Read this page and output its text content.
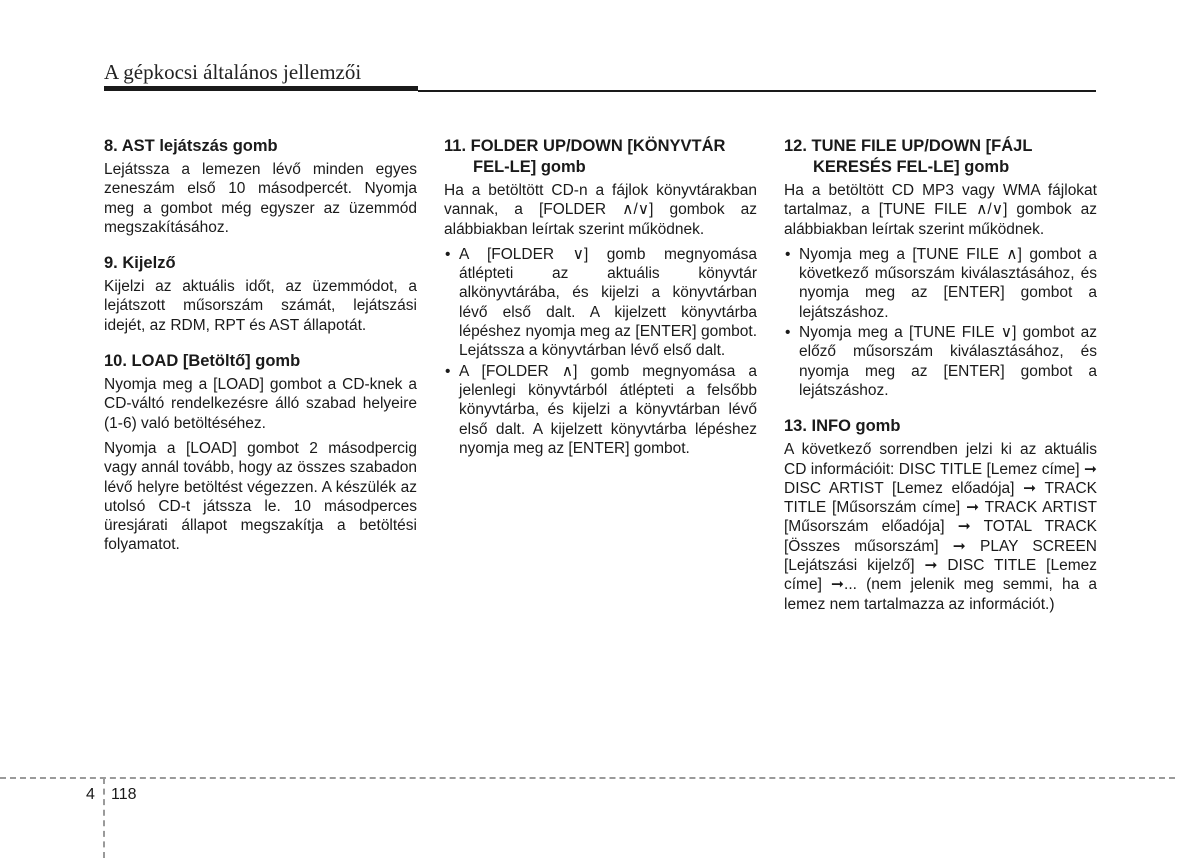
A gépkocsi általános jellemzői
8. AST lejátszás gomb

Lejátssza a lemezen lévő minden egyes zeneszám első 10 másodpercét. Nyomja meg a gombot még egyszer az üzemmód megszakításához.

9. Kijelző

Kijelzi az aktuális időt, az üzemmódot, a lejátszott műsorszám számát, lejátszási idejét, az RDM, RPT és AST állapotát.

10. LOAD [Betöltő] gomb

Nyomja meg a [LOAD] gombot a CD-knek a CD-váltó rendelkezésre álló szabad helyeire (1-6) való betöltéséhez.

Nyomja a [LOAD] gombot 2 másodpercig vagy annál tovább, hogy az összes szabadon lévő helyre betöltést végezzen. A készülék az utolsó CD-t játssza le. 10 másodperces üresjárati állapot megszakítja a betöltési folyamatot.

11. FOLDER UP/DOWN [KÖNYVTÁR FEL-LE] gomb

Ha a betöltött CD-n a fájlok könyvtárakban vannak, a [FOLDER ∧/∨] gombok az alábbiakban leírtak szerint működnek.

• A [FOLDER ∨] gomb megnyomása átlépteti az aktuális könyvtár alkönyvtárába, és kijelzi a könyvtárban lévő első dalt. A kijelzett könyvtárba lépéshez nyomja meg az [ENTER] gombot. Lejátssza a könyvtárban lévő első dalt.
• A [FOLDER ∧] gomb megnyomása a jelenlegi könyvtárból átlépteti a felsőbb könyvtárba, és kijelzi a könyvtárban lévő első dalt. A kijelzett könyvtárba lépéshez nyomja meg az [ENTER] gombot.
12. TUNE FILE UP/DOWN [FÁJL KERESÉS FEL-LE] gomb

Ha a betöltött CD MP3 vagy WMA fájlokat tartalmaz, a [TUNE FILE ∧/∨] gombok az alábbiakban leírtak szerint működnek.

• Nyomja meg a [TUNE FILE ∧] gombot a következő műsorszám kiválasztásához, és nyomja meg az [ENTER] gombot a lejátszáshoz.
• Nyomja meg a [TUNE FILE ∨] gombot az előző műsorszám kiválasztásához, és nyomja meg az [ENTER] gombot a lejátszáshoz.
13. INFO gomb

A következő sorrendben jelzi ki az aktuális CD információit: DISC TITLE [Lemez címe] ➞ DISC ARTIST [Lemez előadója] ➞ TRACK TITLE [Műsorszám címe] ➞ TRACK ARTIST [Műsorszám előadója] ➞ TOTAL TRACK [Összes műsorszám] ➞ PLAY SCREEN [Lejátszási kijelző] ➞ DISC TITLE [Lemez címe] ➞... (nem jelenik meg semmi, ha a lemez nem tartalmazza az információt.)

4 118
